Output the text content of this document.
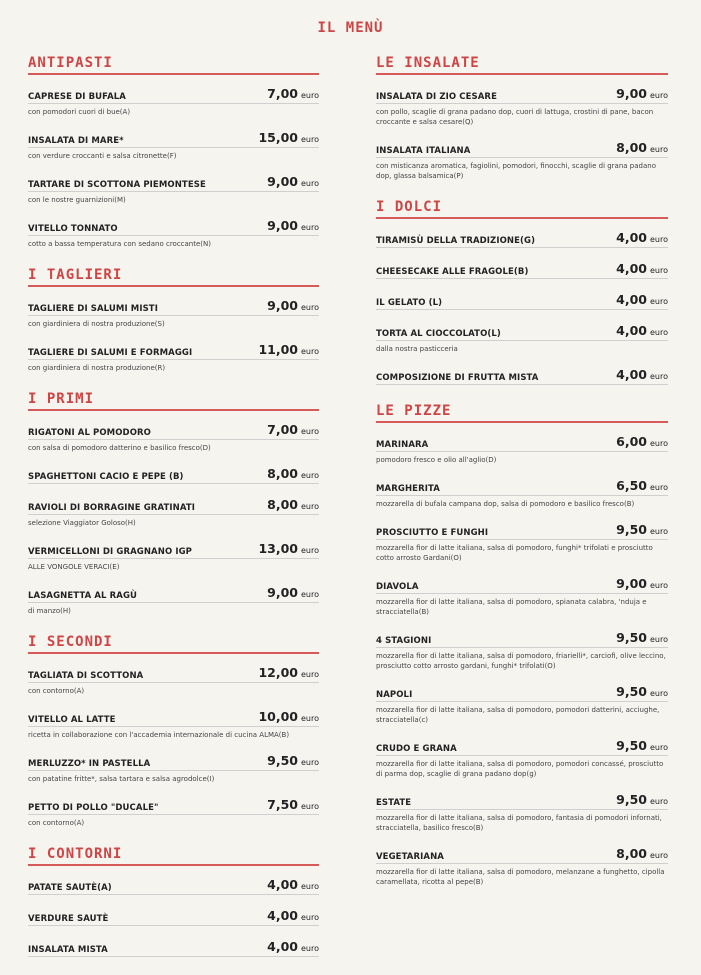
IL MENÙ
ANTIPASTI
CAPRESE DI BUFALA	7,00 euro
con pomodori cuori di bue(A)
INSALATA DI MARE*	15,00 euro
con verdure croccanti e salsa citronette(F)
TARTARE DI SCOTTONA PIEMONTESE	9,00 euro
con le nostre guarnizioni(M)
VITELLO TONNATO	9,00 euro
cotto a bassa temperatura con sedano croccante(N)
I TAGLIERI
TAGLIERE DI SALUMI MISTI	9,00 euro
con giardiniera di nostra produzione(S)
TAGLIERE DI SALUMI E FORMAGGI	11,00 euro
con giardiniera di nostra produzione(R)
I PRIMI
RIGATONI AL POMODORO	7,00 euro
con salsa di pomodoro datterino e basilico fresco(D)
SPAGHETTONI CACIO E PEPE (B)	8,00 euro
RAVIOLI DI BORRAGINE GRATINATI	8,00 euro
selezione Viaggiator Goloso(H)
VERMICELLONI DI GRAGNANO IGP	13,00 euro
ALLE VONGOLE VERACI(E)
LASAGNETTA AL RAGÙ	9,00 euro
di manzo(H)
I SECONDI
TAGLIATA DI SCOTTONA	12,00 euro
con contorno(A)
VITELLO AL LATTE	10,00 euro
ricetta in collaborazione con l'accademia internazionale di cucina ALMA(B)
MERLUZZO* IN PASTELLA	9,50 euro
con patatine fritte*, salsa tartara e salsa agrodolce(I)
PETTO DI POLLO "DUCALE"	7,50 euro
con contorno(A)
I CONTORNI
PATATE SAUTÈ(A)	4,00 euro
VERDURE SAUTÈ	4,00 euro
INSALATA MISTA	4,00 euro
LE INSALATE
INSALATA DI ZIO CESARE	9,00 euro
con pollo, scaglie di grana padano dop, cuori di lattuga, crostini di pane, bacon croccante e salsa cesare(Q)
INSALATA ITALIANA	8,00 euro
con misticanza aromatica, fagiolini, pomodori, finocchi, scaglie di grana padano dop, glassa balsamica(P)
I DOLCI
TIRAMISÙ DELLA TRADIZIONE(G)	4,00 euro
CHEESECAKE ALLE FRAGOLE(B)	4,00 euro
IL GELATO (L)	4,00 euro
TORTA AL CIOCCOLATO(L)	4,00 euro
dalla nostra pasticceria
COMPOSIZIONE DI FRUTTA MISTA	4,00 euro
LE PIZZE
MARINARA	6,00 euro
pomodoro fresco e olio all'aglio(D)
MARGHERITA	6,50 euro
mozzarella di bufala campana dop, salsa di pomodoro e basilico fresco(B)
PROSCIUTTO E FUNGHI	9,50 euro
mozzarella fior di latte italiana, salsa di pomodoro, funghi* trifolati e prosciutto cotto arrosto Gardani(O)
DIAVOLA	9,00 euro
mozzarella fior di latte italiana, salsa di pomodoro, spianata calabra, 'nduja e stracciatella(B)
4 STAGIONI	9,50 euro
mozzarella fior di latte italiana, salsa di pomodoro, friarielli*, carciofi, olive leccino, prosciutto cotto arrosto gardani, funghi* trifolati(O)
NAPOLI	9,50 euro
mozzarella fior di latte italiana, salsa di pomodoro, pomodori datterini, acciughe, stracciatella(c)
CRUDO E GRANA	9,50 euro
mozzarella fior di latte italiana, salsa di pomodoro, pomodori concassé, prosciutto di parma dop, scaglie di grana padano dop(g)
ESTATE	9,50 euro
mozzarella fior di latte italiana, salsa di pomodoro, fantasia di pomodori infornati, stracciatella, basilico fresco(B)
VEGETARIANA	8,00 euro
mozzarella fior di latte italiana, salsa di pomodoro, melanzane a funghetto, cipolla caramellata, ricotta al pepe(B)
